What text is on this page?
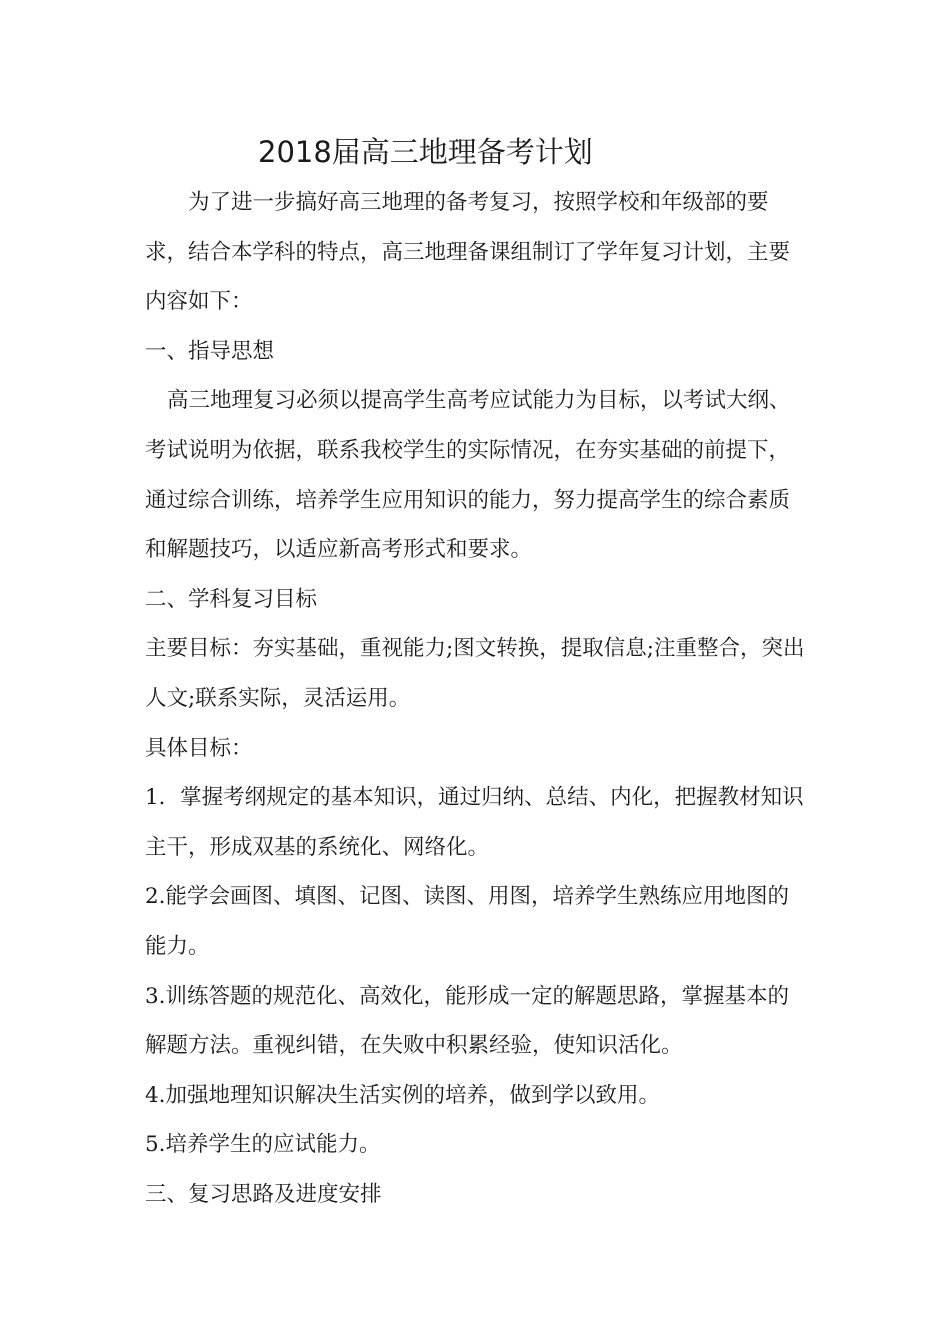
2018届高三地理备考计划

为了进一步搞好高三地理的备考复习，按照学校和年级部的要求，结合本学科的特点，高三地理备课组制订了学年复习计划，主要内容如下：

一、指导思想

高三地理复习必须以提高学生高考应试能力为目标，以考试大纲、考试说明为依据，联系我校学生的实际情况，在夯实基础的前提下，通过综合训练，培养学生应用知识的能力，努力提高学生的综合素质和解题技巧，以适应新高考形式和要求。

二、学科复习目标

主要目标：夯实基础，重视能力;图文转换，提取信息;注重整合，突出人文;联系实际，灵活运用。

具体目标：

1．掌握考纲规定的基本知识，通过归纳、总结、内化，把握教材知识主干，形成双基的系统化、网络化。

2.能学会画图、填图、记图、读图、用图，培养学生熟练应用地图的能力。

3.训练答题的规范化、高效化，能形成一定的解题思路，掌握基本的解题方法。重视纠错，在失败中积累经验，使知识活化。

4.加强地理知识解决生活实例的培养，做到学以致用。

5.培养学生的应试能力。

三、复习思路及进度安排
